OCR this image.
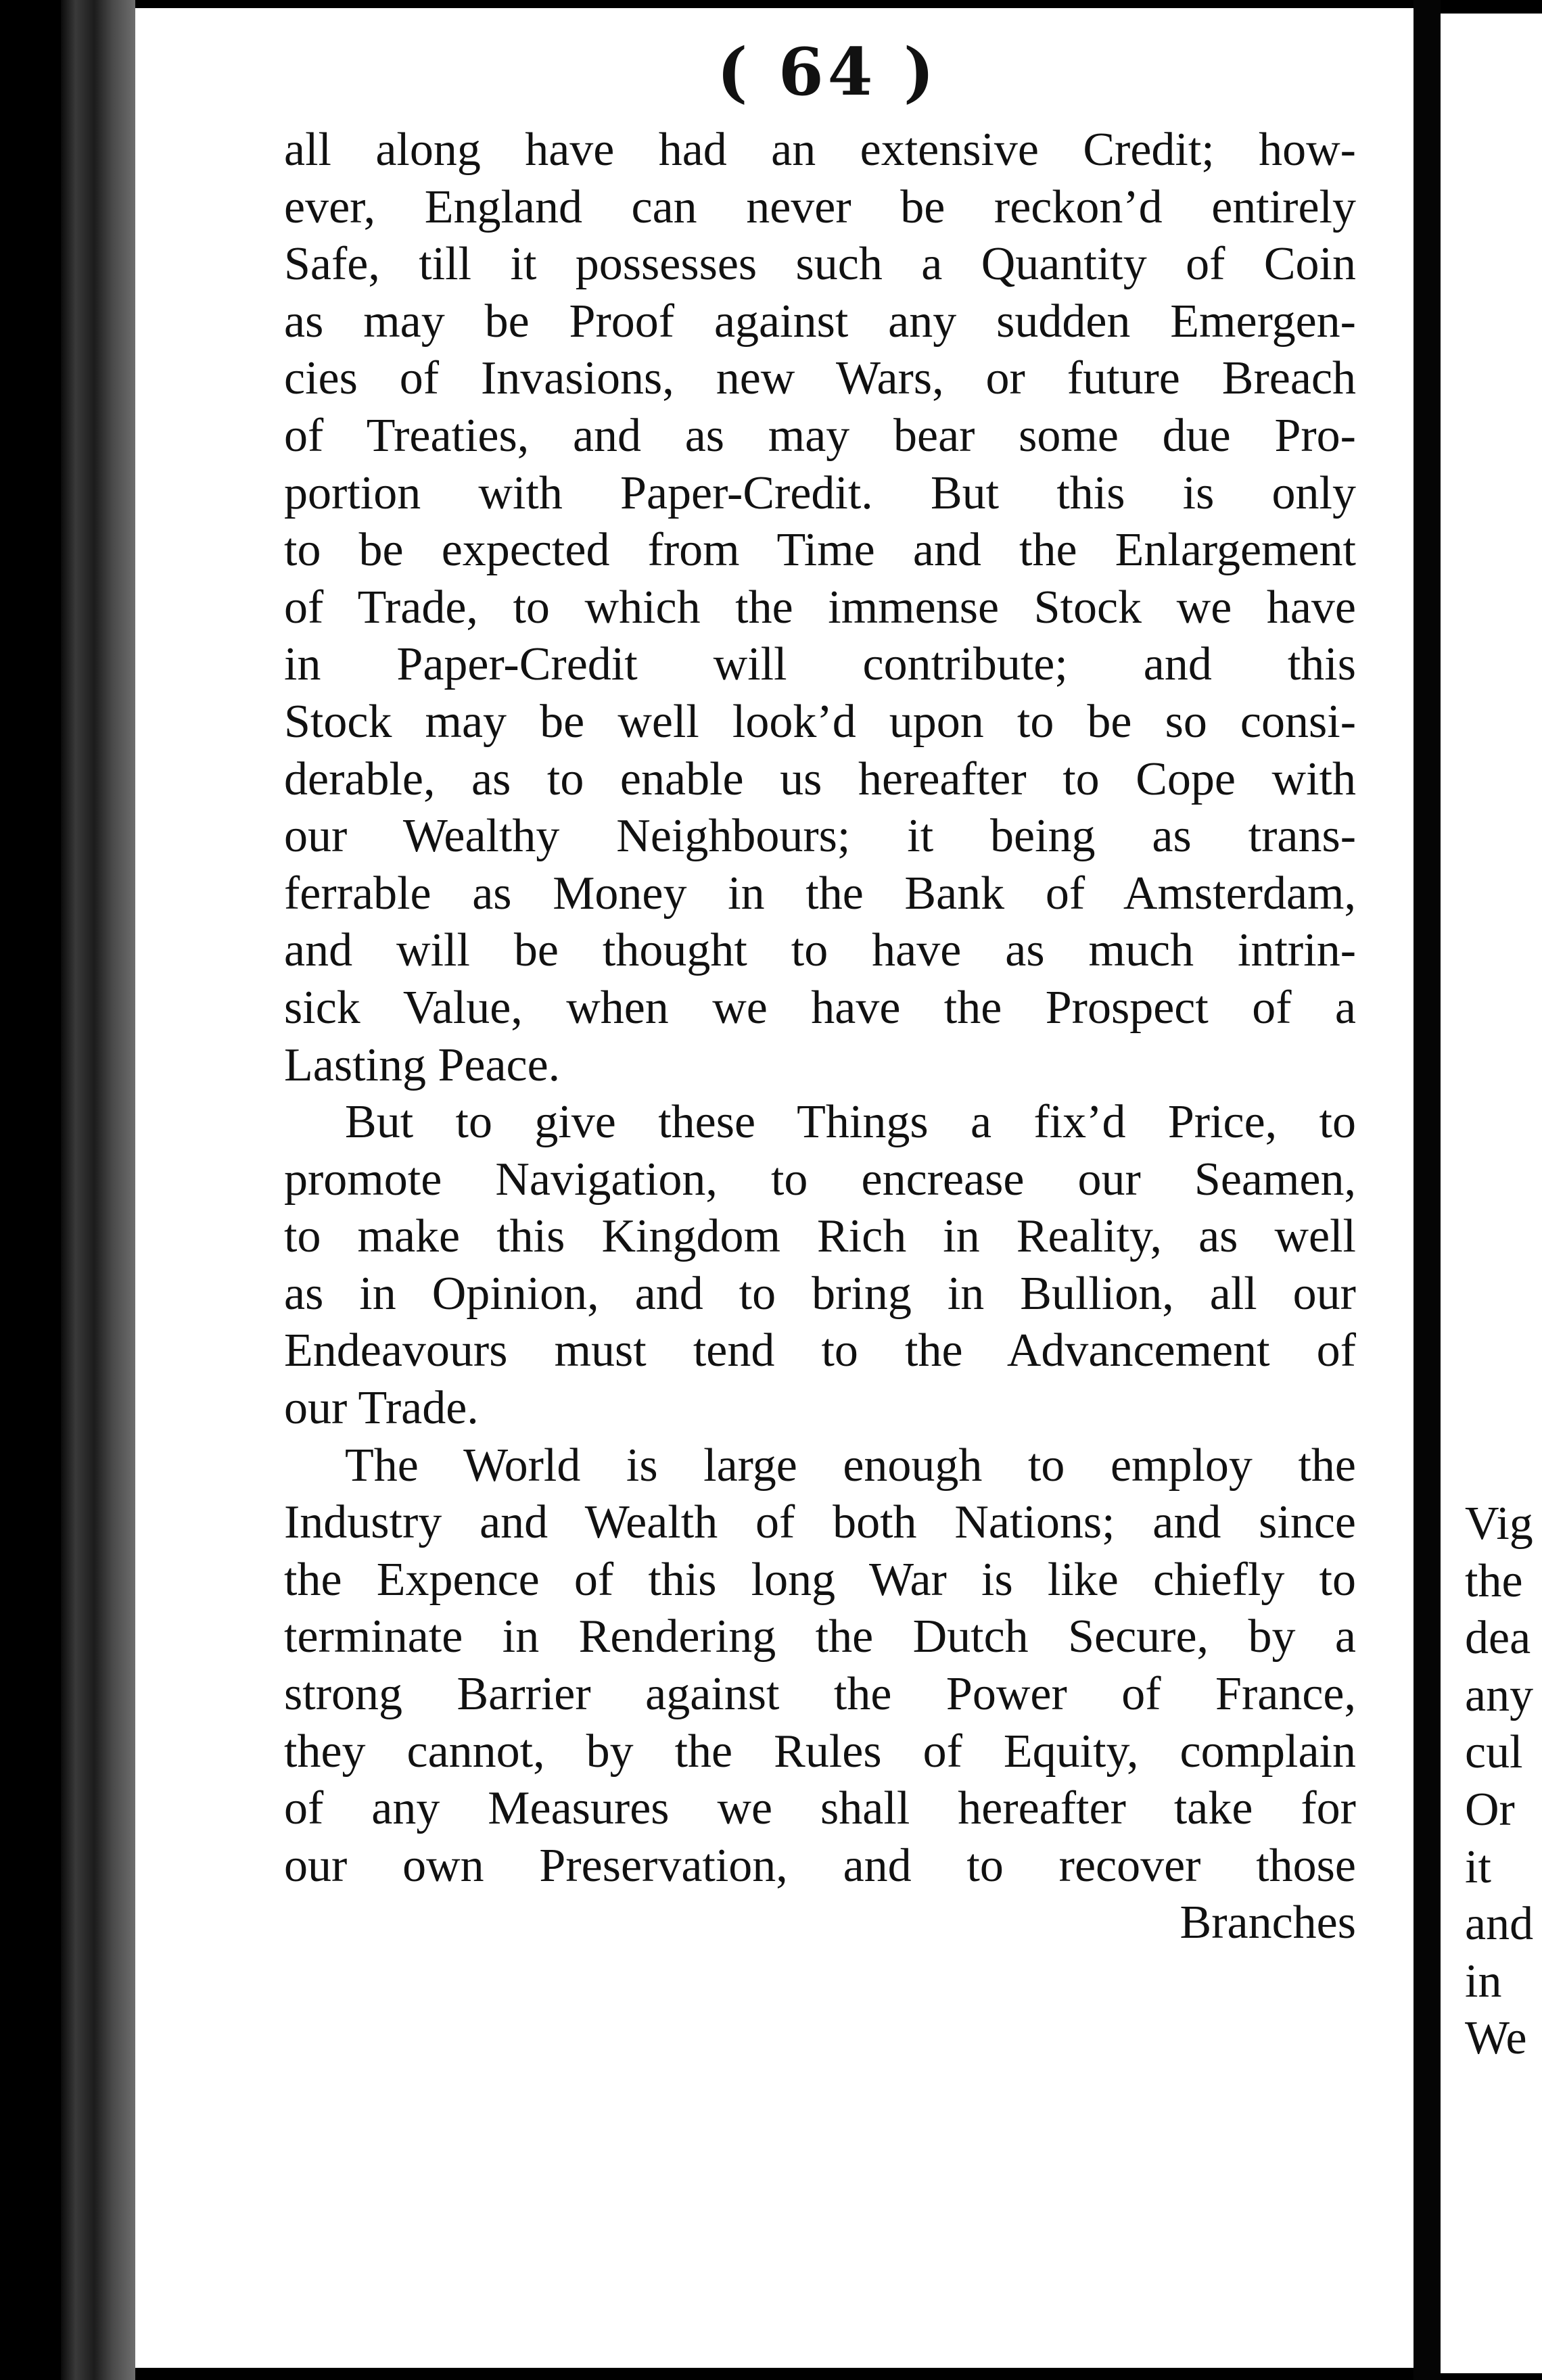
( 64 )

all along have had an extensive Credit; how-
ever, England can never be reckon’d entirely
Safe, till it possesses such a Quantity of Coin
as may be Proof against any sudden Emergen-
cies of Invasions, new Wars, or future Breach
of Treaties, and as may bear some due Pro-
portion with Paper-Credit. But this is only
to be expected from Time and the Enlargement
of Trade, to which the immense Stock we have
in Paper-Credit will contribute; and this
Stock may be well look’d upon to be so consi-
derable, as to enable us hereafter to Cope with
our Wealthy Neighbours; it being as trans-
ferrable as Money in the Bank of Amsterdam,
and will be thought to have as much intrin-
sick Value, when we have the Prospect of a
Lasting Peace.

But to give these Things a fix’d Price, to
promote Navigation, to encrease our Seamen,
to make this Kingdom Rich in Reality, as well
as in Opinion, and to bring in Bullion, all our
Endeavours must tend to the Advancement of
our Trade.

The World is large enough to employ the
Industry and Wealth of both Nations; and since
the Expence of this long War is like chiefly to
terminate in Rendering the Dutch Secure, by a
strong Barrier against the Power of France,
they cannot, by the Rules of Equity, complain
of any Measures we shall hereafter take for
our own Preservation, and to recover those

Branches
Vig
the
dea
any
cul
Or
it
and
in
We
